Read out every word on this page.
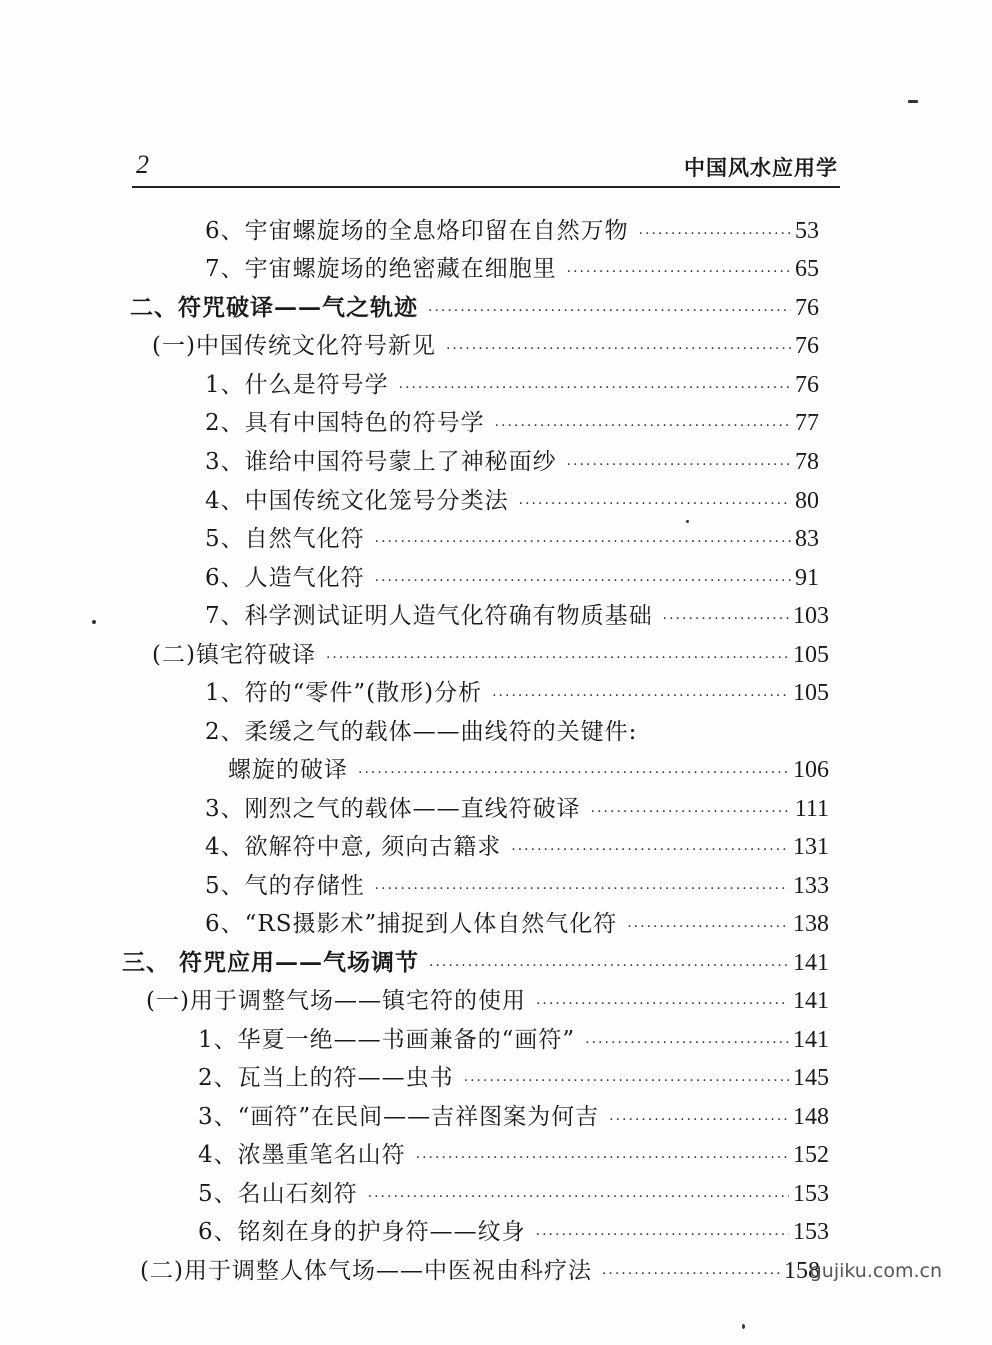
2	中国风水应用学
6、宇宙螺旋场的全息烙印留在自然万物 ·····	53
7、宇宙螺旋场的绝密藏在细胞里 ·····	65
二、符咒破译——气之轨迹 ·····	76
(一)中国传统文化符号新见 ·····	76
1、什么是符号学 ·····	76
2、具有中国特色的符号学 ·····	77
3、谁给中国符号蒙上了神秘面纱 ·····	78
4、中国传统文化笼号分类法 ·····	80
5、自然气化符 ·····	83
6、人造气化符 ·····	91
7、科学测试证明人造气化符确有物质基础 ·····	103
(二)镇宅符破译 ·····	105
1、符的“零件”(散形)分析 ·····	105
2、柔缓之气的载体——曲线符的关键件:
螺旋的破译 ·····	106
3、刚烈之气的载体——直线符破译 ·····	111
4、欲解符中意, 须向古籍求 ·····	131
5、气的存储性 ·····	133
6、“RS摄影术”捕捉到人体自然气化符 ·····	138
三、 符咒应用——气场调节 ·····	141
(一)用于调整气场——镇宅符的使用 ·····	141
1、华夏一绝——书画兼备的“画符” ·····	141
2、瓦当上的符——虫书 ·····	145
3、“画符”在民间——吉祥图案为何吉 ·····	148
4、浓墨重笔名山符 ·····	152
5、名山石刻符 ·····	153
6、铭刻在身的护身符——纹身 ·····	153
(二)用于调整人体气场——中医祝由科疗法 ·····	158
gujiku.com.cn
